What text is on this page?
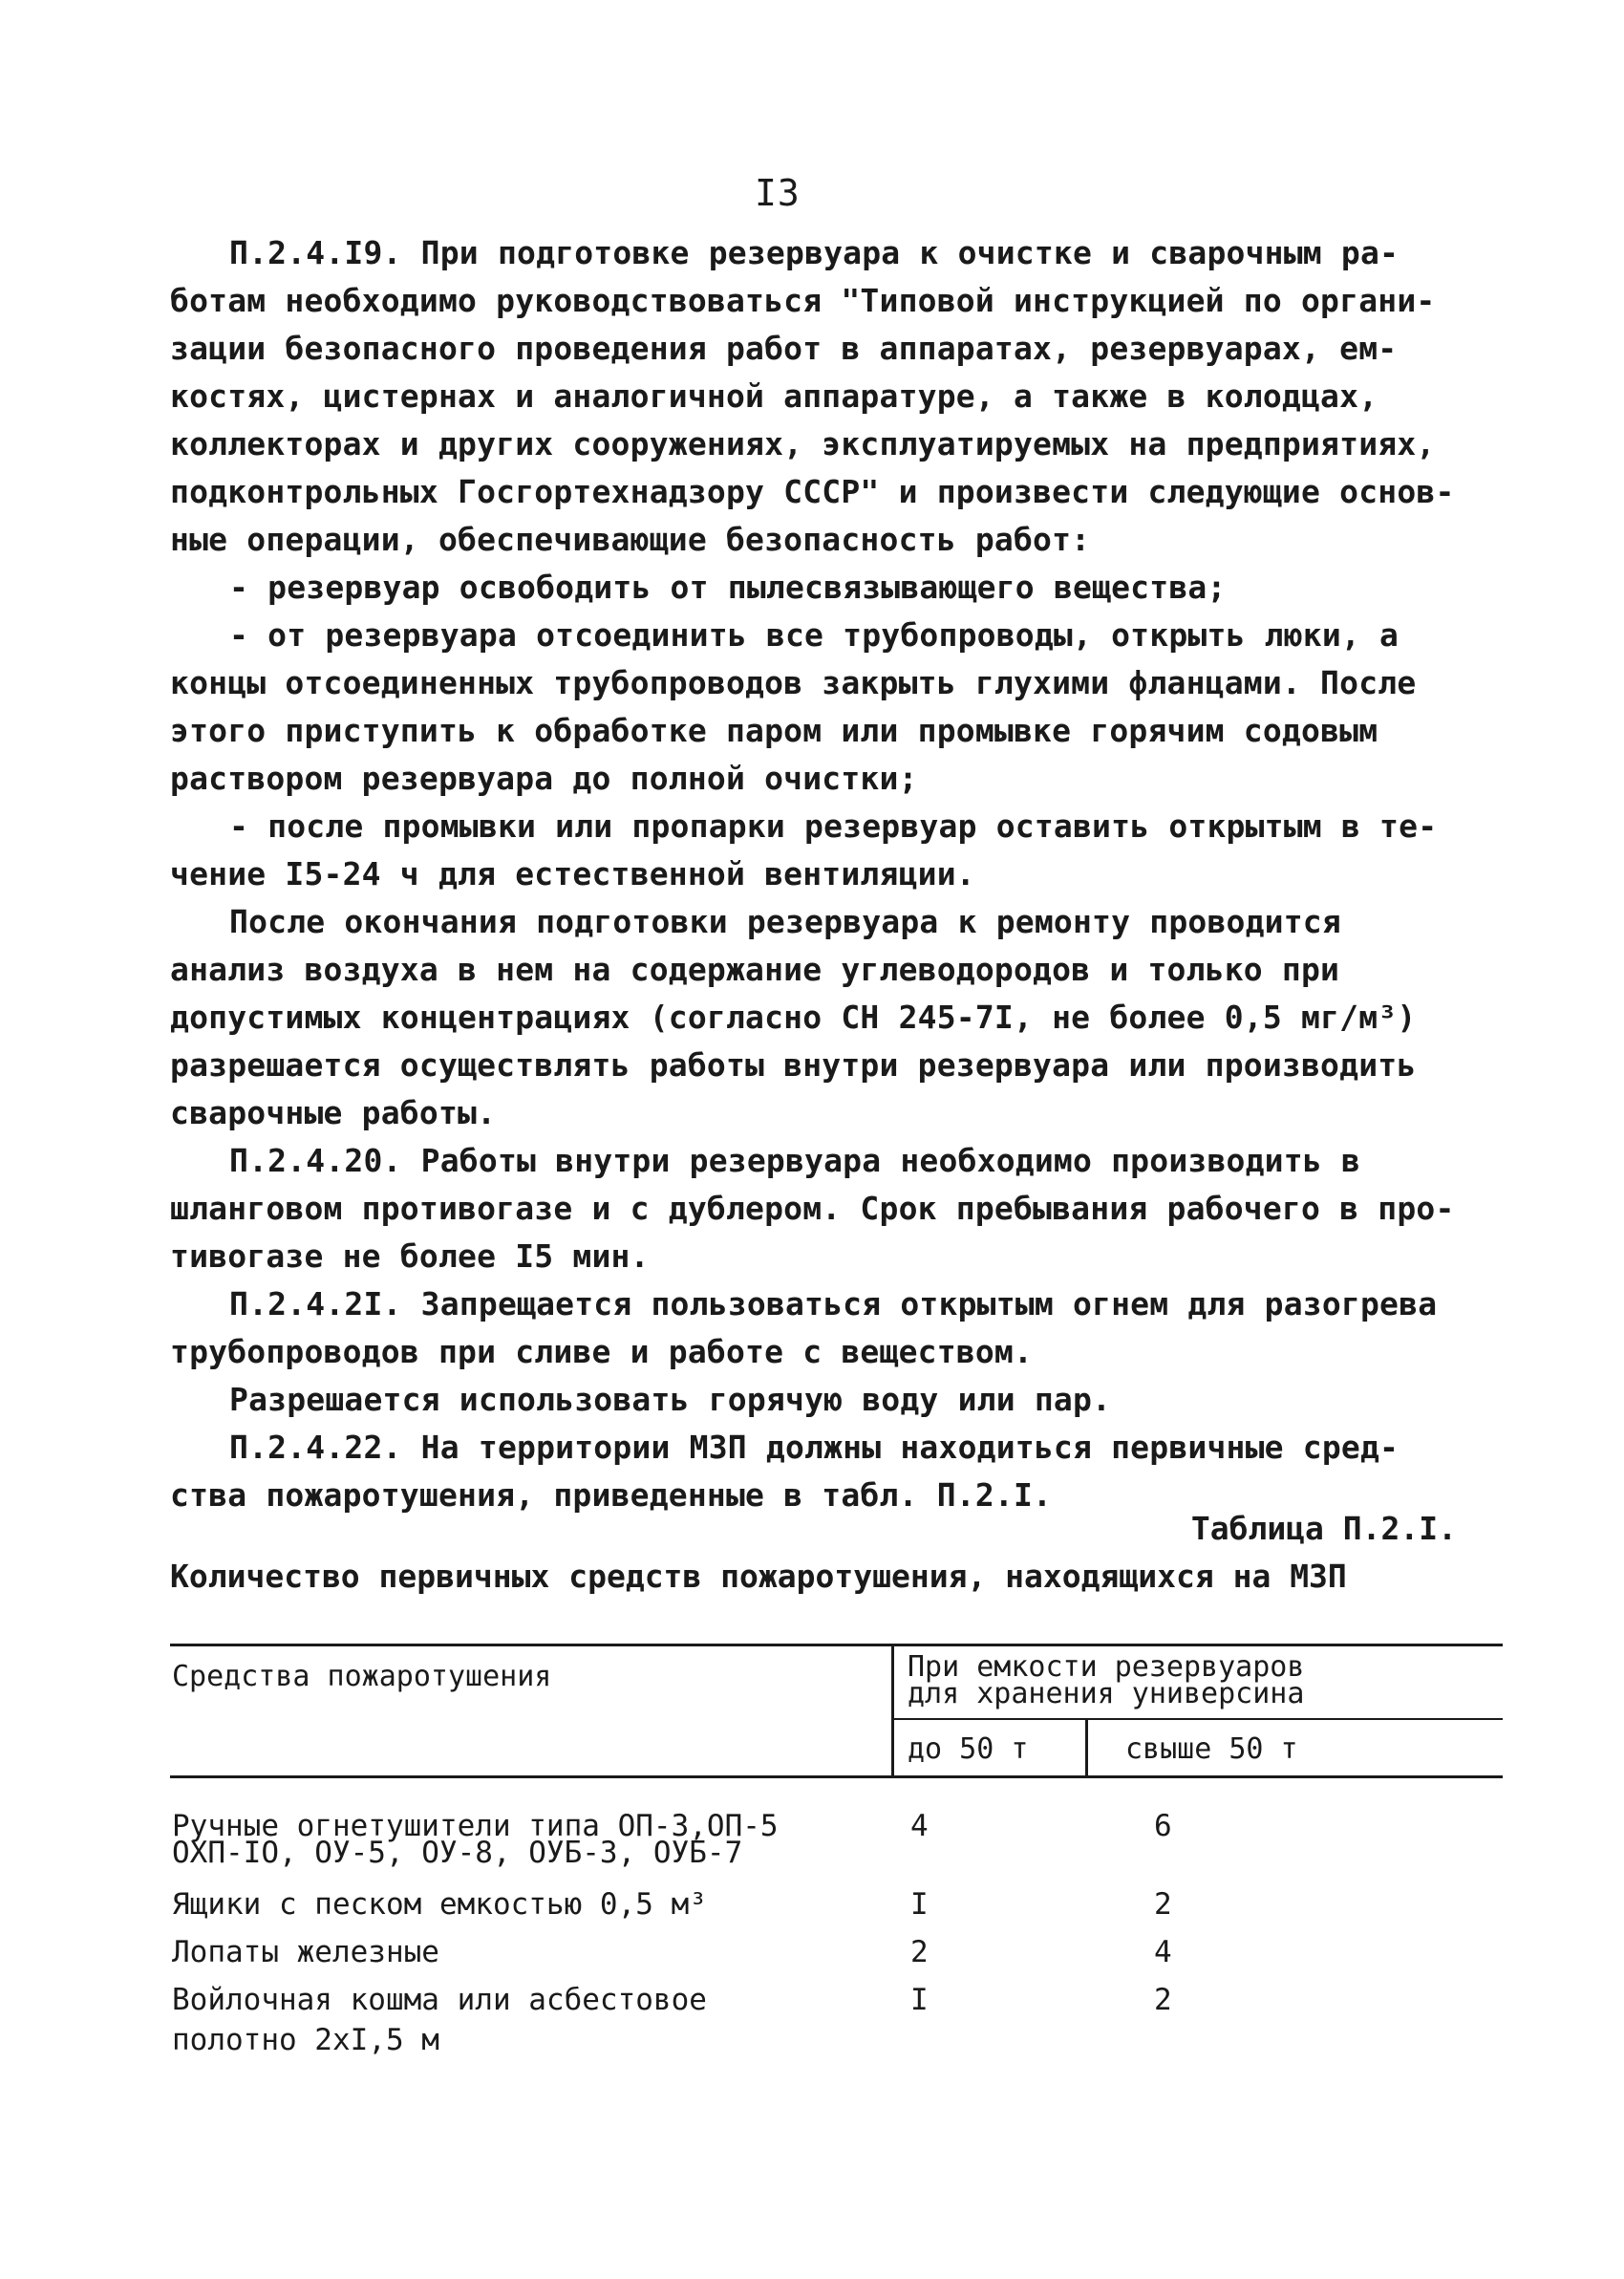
I3
П.2.4.I9. При подготовке резервуара к очистке и сварочным ра-
ботам необходимо руководствоваться "Типовой инструкцией по органи-
зации безопасного проведения работ в аппаратах, резервуарах, ем-
костях, цистернах и аналогичной аппаратуре, а также в колодцах,
коллекторах и других сооружениях, эксплуатируемых на предприятиях,
подконтрольных Госгортехнадзору СССР" и произвести следующие основ-
ные операции, обеспечивающие безопасность работ:
- резервуар освободить от пылесвязывающего вещества;
- от резервуара отсоединить все трубопроводы, открыть люки, а
концы отсоединенных трубопроводов закрыть глухими фланцами. После
этого приступить к обработке паром или промывке горячим содовым
раствором резервуара до полной очистки;
- после промывки или пропарки резервуар оставить открытым в те-
чение I5-24 ч для естественной вентиляции.
После окончания подготовки резервуара к ремонту проводится
анализ воздуха в нем на содержание углеводородов и только при
допустимых концентрациях (согласно СН 245-7I, не более 0,5 мг/м³)
разрешается осуществлять работы внутри резервуара или производить
сварочные работы.
П.2.4.20. Работы внутри резервуара необходимо производить в
шланговом противогазе и с дублером. Срок пребывания рабочего в про-
тивогазе не более I5 мин.
П.2.4.2I. Запрещается пользоваться открытым огнем для разогрева
трубопроводов при сливе и работе с веществом.
Разрешается использовать горячую воду или пар.
П.2.4.22. На территории МЗП должны находиться первичные сред-
ства пожаротушения, приведенные в табл. П.2.I.
Таблица П.2.I.
Количество первичных средств пожаротушения, находящихся на МЗП
Средства пожаротушения	При емкости резервуаров
для хранения универсина
до 50 т	свыше 50 т
Ручные огнетушители типа ОП-3,ОП-5
ОХП-IО, ОУ-5, ОУ-8, ОУБ-3, ОУБ-7
4	6
Ящики с песком емкостью 0,5 м³	I	2
Лопаты железные	2	4
Войлочная кошма или асбестовое
полотно 2хI,5 м
I	2
